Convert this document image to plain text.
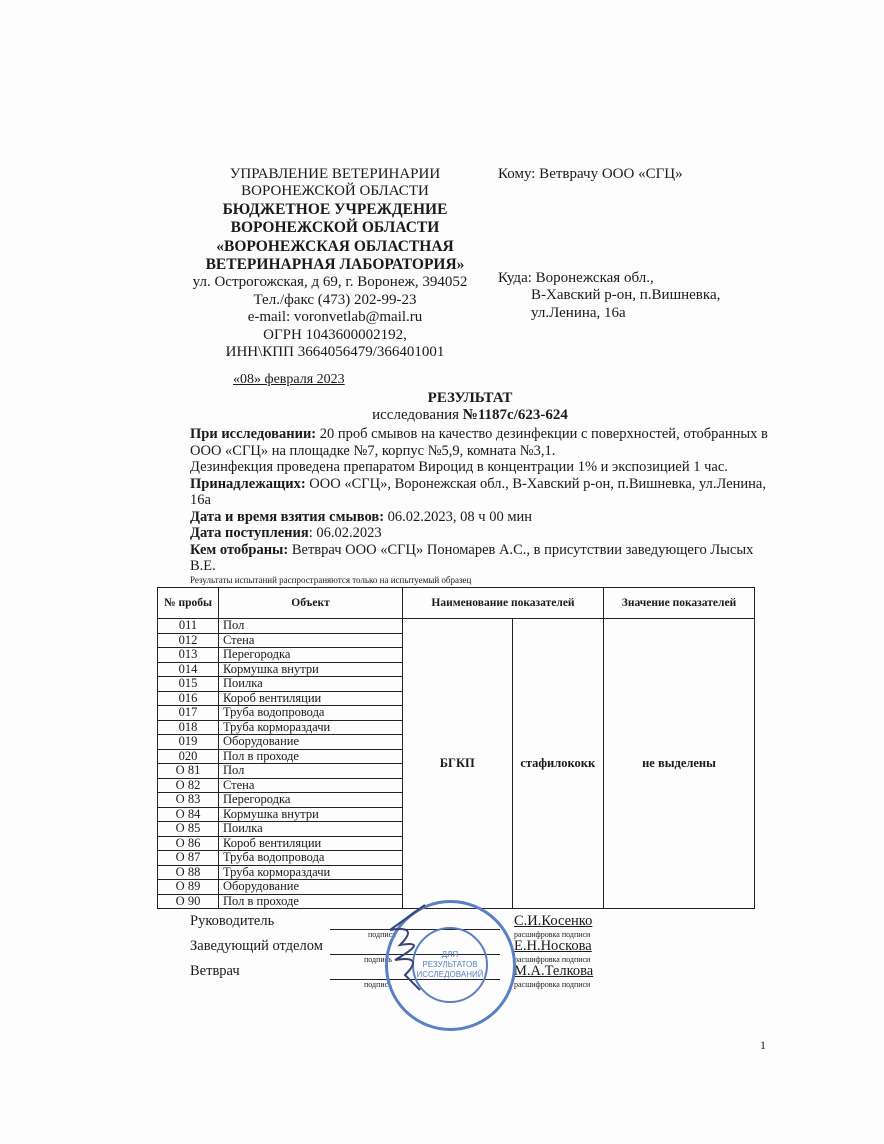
УПРАВЛЕНИЕ ВЕТЕРИНАРИИ
ВОРОНЕЖСКОЙ ОБЛАСТИ
БЮДЖЕТНОЕ УЧРЕЖДЕНИЕ
ВОРОНЕЖСКОЙ ОБЛАСТИ
«ВОРОНЕЖСКАЯ ОБЛАСТНАЯ
ВЕТЕРИНАРНАЯ ЛАБОРАТОРИЯ»
ул. Острогожская, д 69, г. Воронеж, 394052
Тел./факс (473) 202-99-23
e-mail: voronvetlab@mail.ru
ОГРН 1043600002192,
ИНН\КПП 3664056479/366401001
Кому: Ветврачу ООО «СГЦ»
Куда: Воронежская обл.,
В-Хавский р-он, п.Вишневка,
ул.Ленина, 16а
«08» февраля 2023
РЕЗУЛЬТАТ
исследования №1187с/623-624
При исследовании: 20 проб смывов на качество дезинфекции с поверхностей, отобранных в ООО «СГЦ» на площадке №7, корпус №5,9, комната №3,1.
Дезинфекция проведена препаратом Вироцид в концентрации 1% и экспозицией 1 час.
Принадлежащих: ООО «СГЦ», Воронежская обл., В-Хавский р-он, п.Вишневка, ул.Ленина, 16а
Дата и время взятия смывов: 06.02.2023, 08 ч 00 мин
Дата поступления: 06.02.2023
Кем отобраны: Ветврач ООО «СГЦ» Пономарев А.С., в присутствии заведующего Лысых В.Е.
Результаты испытаний распространяются только на испытуемый образец
№ пробы	Объект	Наименование показателей		Значение показателей
011	Пол	БГКП	стафилококк	не выделены
012	Стена			
013	Перегородка			
014	Кормушка внутри			
015	Поилка			
016	Короб вентиляции			
017	Труба водопровода			
018	Труба кормораздачи			
019	Оборудование			
020	Пол в проходе			
О 81	Пол			
О 82	Стена			
О 83	Перегородка			
О 84	Кормушка внутри			
О 85	Поилка			
О 86	Короб вентиляции			
О 87	Труба водопровода			
О 88	Труба кормораздачи			
О 89	Оборудование			
О 90	Пол в проходе			
Руководитель
подпись
С.И.Косенко
расшифровка подписи
Заведующий отделом
подпись
Е.Н.Носкова
расшифровка подписи
Ветврач
подпись
М.А.Телкова
расшифровка подписи
ДЛЯ РЕЗУЛЬТАТОВ ИССЛЕДОВАНИЙ
1
